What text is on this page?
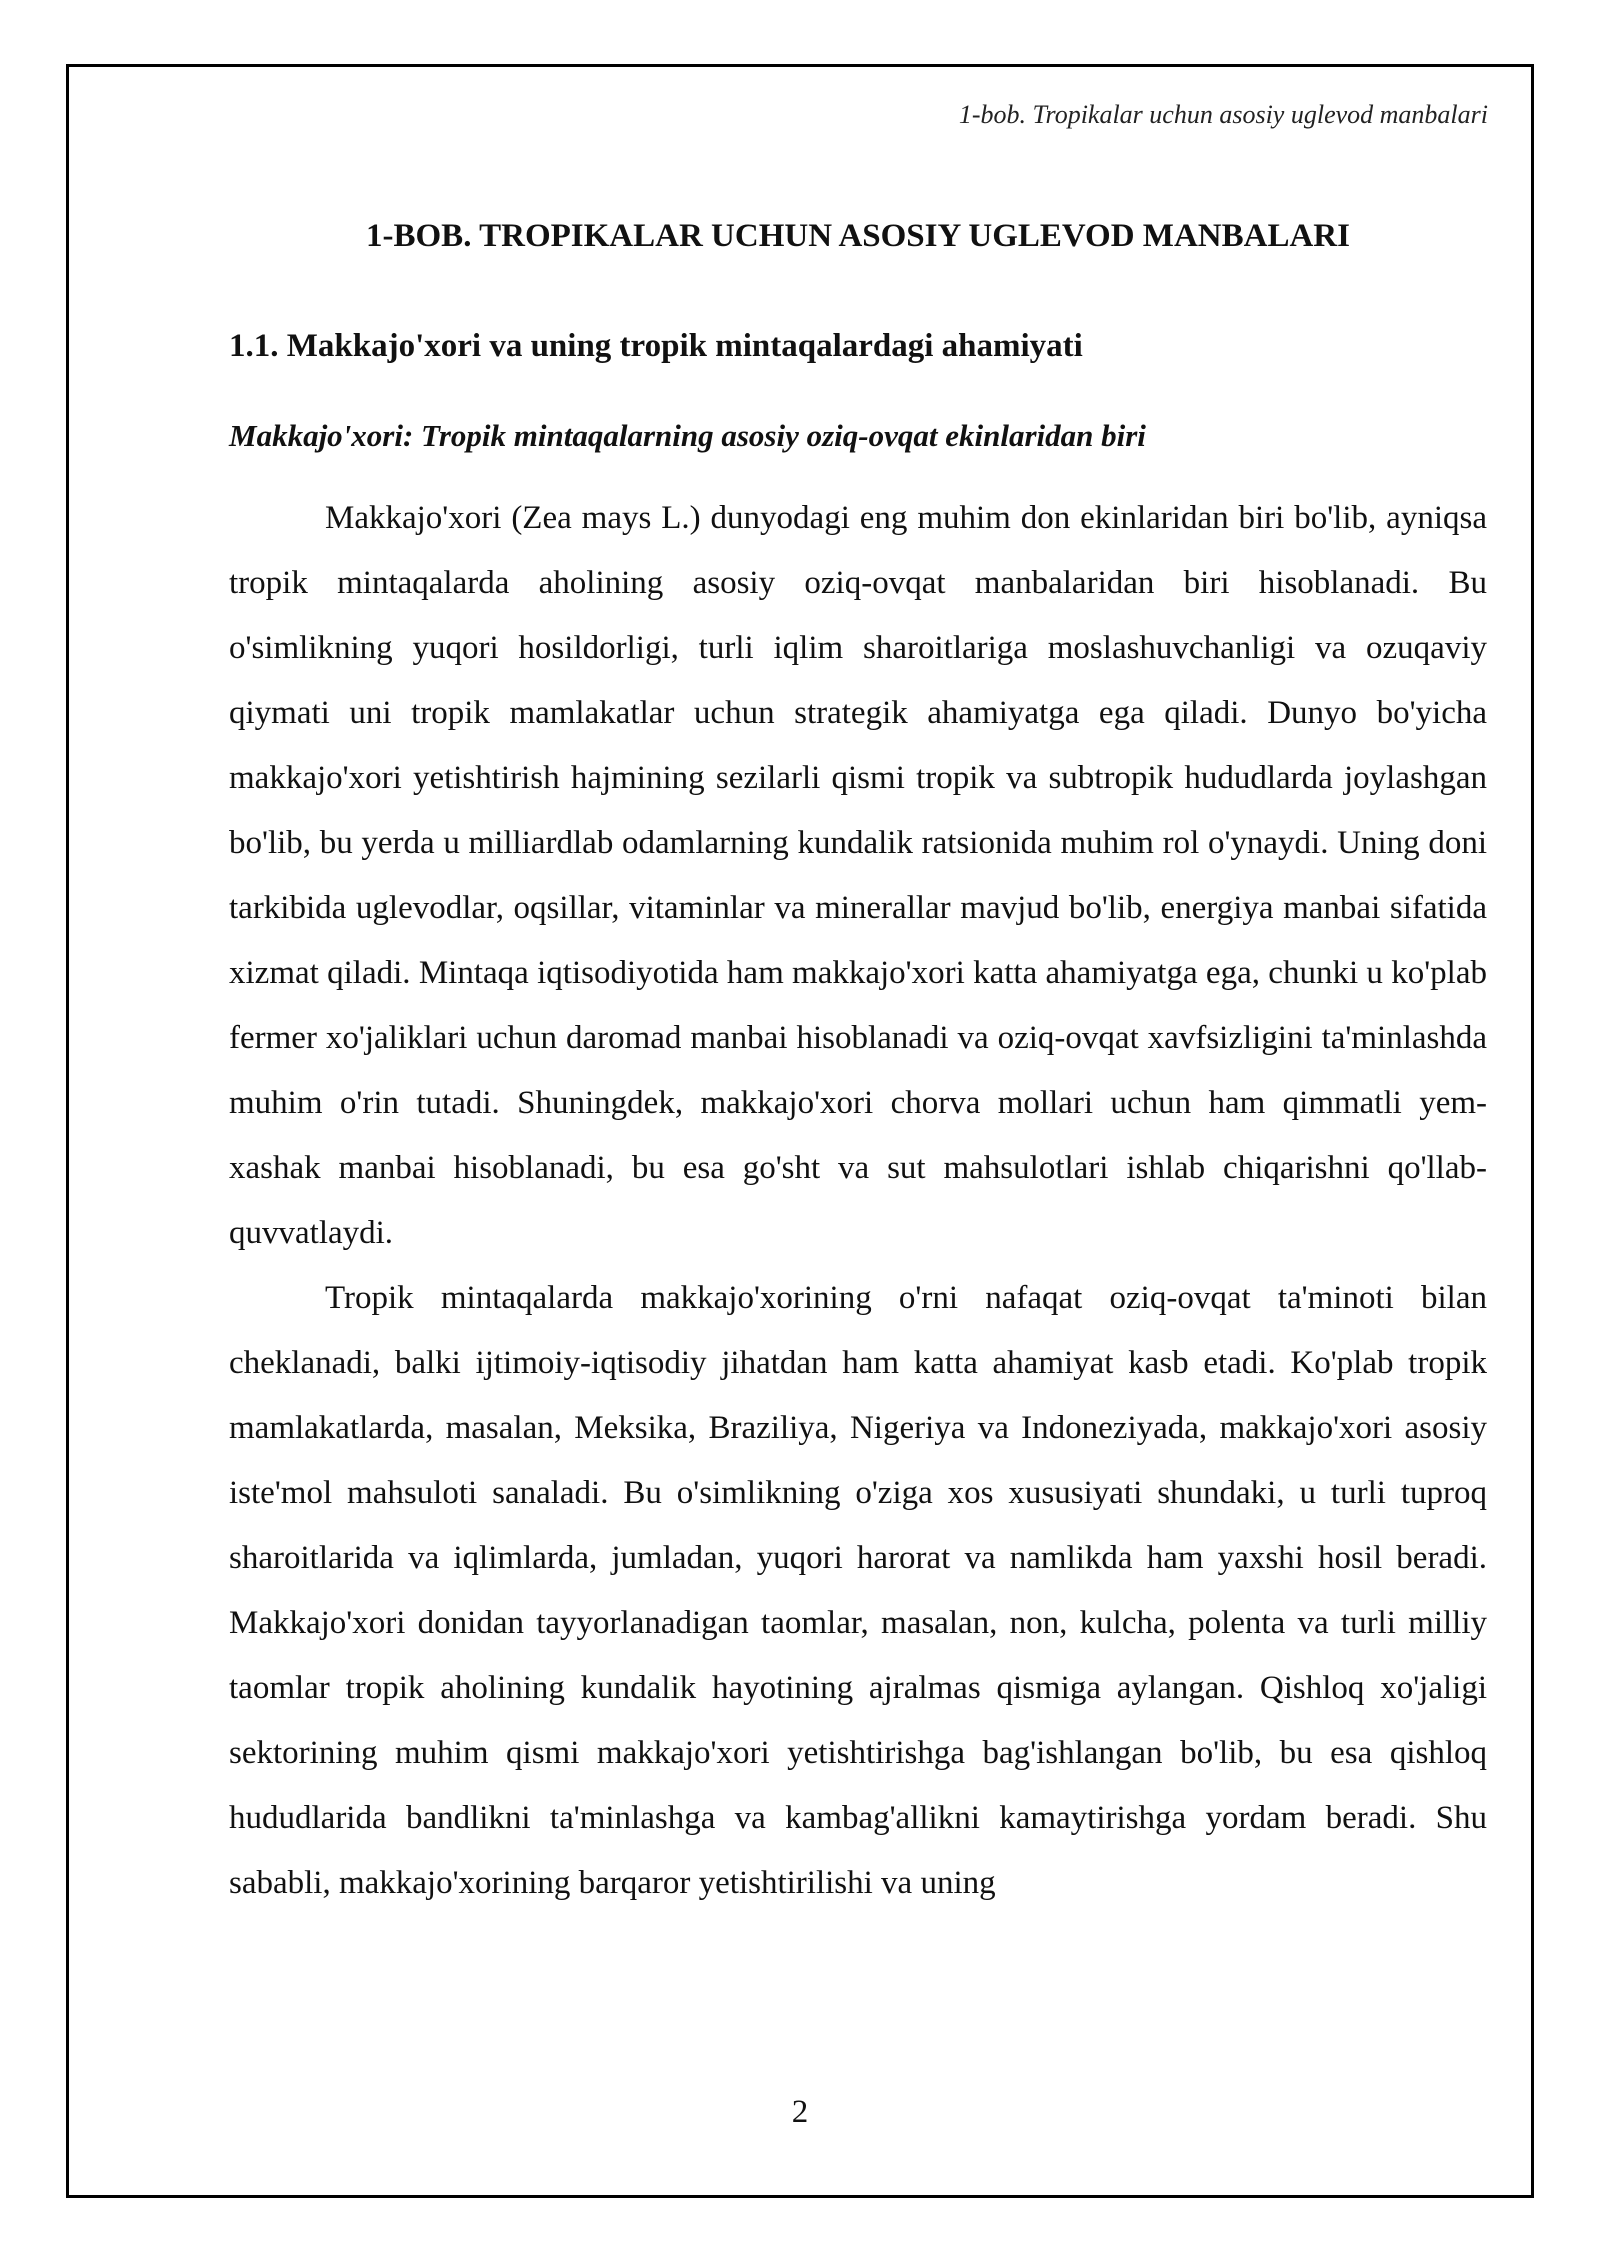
1-bob. Tropikalar uchun asosiy uglevod manbalari
1-BOB. TROPIKALAR UCHUN ASOSIY UGLEVOD MANBALARI
1.1. Makkajo'xori va uning tropik mintaqalardagi ahamiyati
Makkajo'xori: Tropik mintaqalarning asosiy oziq-ovqat ekinlaridan biri

Makkajo'xori (Zea mays L.) dunyodagi eng muhim don ekinlaridan biri bo'lib, ayniqsa tropik mintaqalarda aholining asosiy oziq-ovqat manbalaridan biri hisoblanadi. Bu o'simlikning yuqori hosildorligi, turli iqlim sharoitlariga moslashuvchanligi va ozuqaviy qiymati uni tropik mamlakatlar uchun strategik ahamiyatga ega qiladi. Dunyo bo'yicha makkajo'xori yetishtirish hajmining sezilarli qismi tropik va subtropik hududlarda joylashgan bo'lib, bu yerda u milliardlab odamlarning kundalik ratsionida muhim rol o'ynaydi. Uning doni tarkibida uglevodlar, oqsillar, vitaminlar va minerallar mavjud bo'lib, energiya manbai sifatida xizmat qiladi. Mintaqa iqtisodiyotida ham makkajo'xori katta ahamiyatga ega, chunki u ko'plab fermer xo'jaliklari uchun daromad manbai hisoblanadi va oziq-ovqat xavfsizligini ta'minlashda muhim o'rin tutadi. Shuningdek, makkajo'xori chorva mollari uchun ham qimmatli yem-xashak manbai hisoblanadi, bu esa go'sht va sut mahsulotlari ishlab chiqarishni qo'llab-quvvatlaydi.

Tropik mintaqalarda makkajo'xorining o'rni nafaqat oziq-ovqat ta'minoti bilan cheklanadi, balki ijtimoiy-iqtisodiy jihatdan ham katta ahamiyat kasb etadi. Ko'plab tropik mamlakatlarda, masalan, Meksika, Braziliya, Nigeriya va Indoneziyada, makkajo'xori asosiy iste'mol mahsuloti sanaladi. Bu o'simlikning o'ziga xos xususiyati shundaki, u turli tuproq sharoitlarida va iqlimlarda, jumladan, yuqori harorat va namlikda ham yaxshi hosil beradi. Makkajo'xori donidan tayyorlanadigan taomlar, masalan, non, kulcha, polenta va turli milliy taomlar tropik aholining kundalik hayotining ajralmas qismiga aylangan. Qishloq xo'jaligi sektorining muhim qismi makkajo'xori yetishtirishga bag'ishlangan bo'lib, bu esa qishloq hududlarida bandlikni ta'minlashga va kambag'allikni kamaytirishga yordam beradi. Shu sababli, makkajo'xorining barqaror yetishtirilishi va uning

2
